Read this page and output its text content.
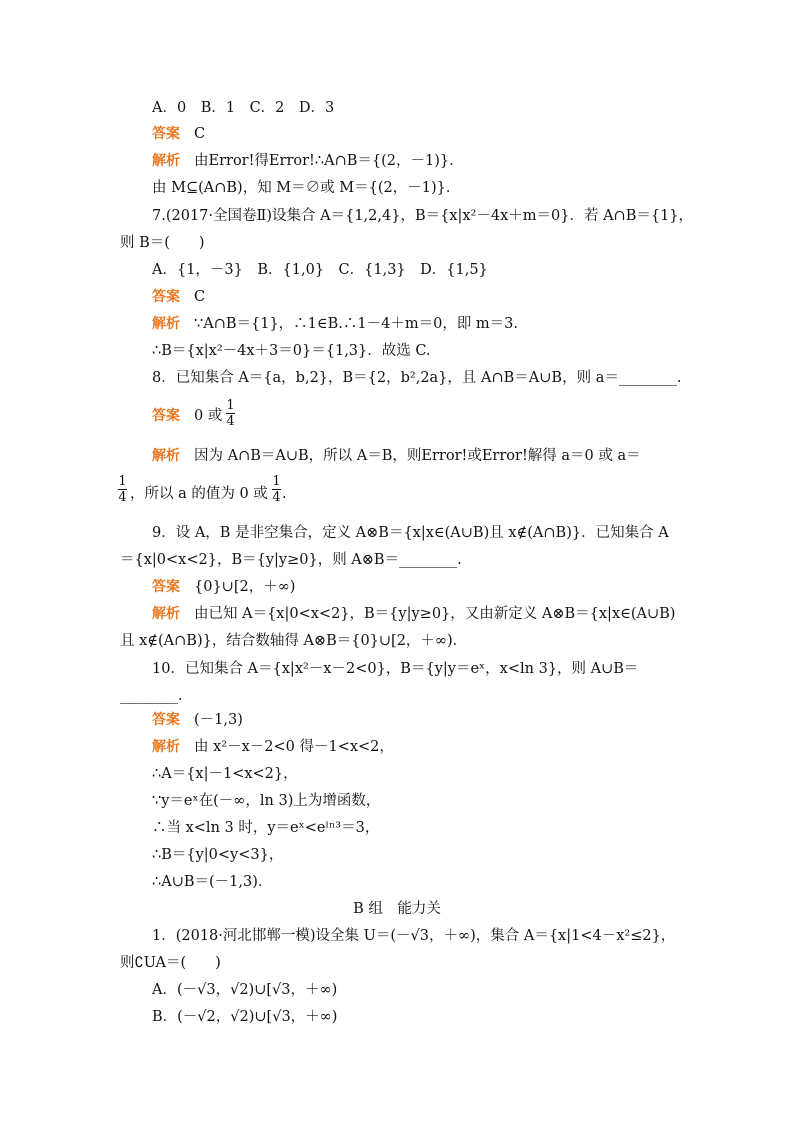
A．0　B．1　C．2　D．3
答案 C
解析 由Error!得Error!∴A∩B＝{(2，－1)}．
由 M⊆(A∩B)，知 M＝∅或 M＝{(2，－1)}．
7.(2017·全国卷Ⅱ)设集合 A＝{1,2,4}，B＝{x|x²－4x＋m＝0}．若 A∩B＝{1}，
则 B＝(　　)
A．{1，－3}　B．{1,0}　C．{1,3}　D．{1,5}
答案 C
解析 ∵A∩B＝{1}，∴1∈B.∴1－4＋m＝0，即 m＝3.
∴B＝{x|x²－4x＋3＝0}＝{1,3}．故选 C.
8．已知集合 A＝{a，b,2}，B＝{2，b²,2a}，且 A∩B＝A∪B，则 a＝________.
答案 0 或
1
4
解析 因为 A∩B＝A∪B，所以 A＝B，则Error!或Error!解得 a＝0 或 a＝
1
4 ，所以 a 的值为 0 或
1
4 .
9．设 A，B 是非空集合，定义 A⊗B＝{x|x∈(A∪B)且 x∉(A∩B)}．已知集合 A
＝{x|0<x<2}，B＝{y|y≥0}，则 A⊗B＝________.
答案 {0}∪[2，＋∞)
解析 由已知 A＝{x|0<x<2}，B＝{y|y≥0}，又由新定义 A⊗B＝{x|x∈(A∪B)
且 x∉(A∩B)}，结合数轴得 A⊗B＝{0}∪[2，＋∞)．
10．已知集合 A＝{x|x²－x－2<0}，B＝{y|y＝eˣ，x<ln 3}，则 A∪B＝
________.
答案 (－1,3)
解析 由 x²－x－2<0 得－1<x<2，
∴A＝{x|－1<x<2}，
∵y＝eˣ在(－∞，ln 3)上为增函数，
∴当 x<ln 3 时，y＝eˣ<eˡⁿ³＝3，
∴B＝{y|0<y<3}，
∴A∪B＝(－1,3)．
B 组　能力关
1．(2018·河北邯郸一模)设全集 U＝(－√3，＋∞)，集合 A＝{x|1<4－x²≤2}，
则∁UA＝(　　)
A．(－√3，√2)∪[√3，＋∞)
B．(－√2，√2)∪[√3，＋∞)
